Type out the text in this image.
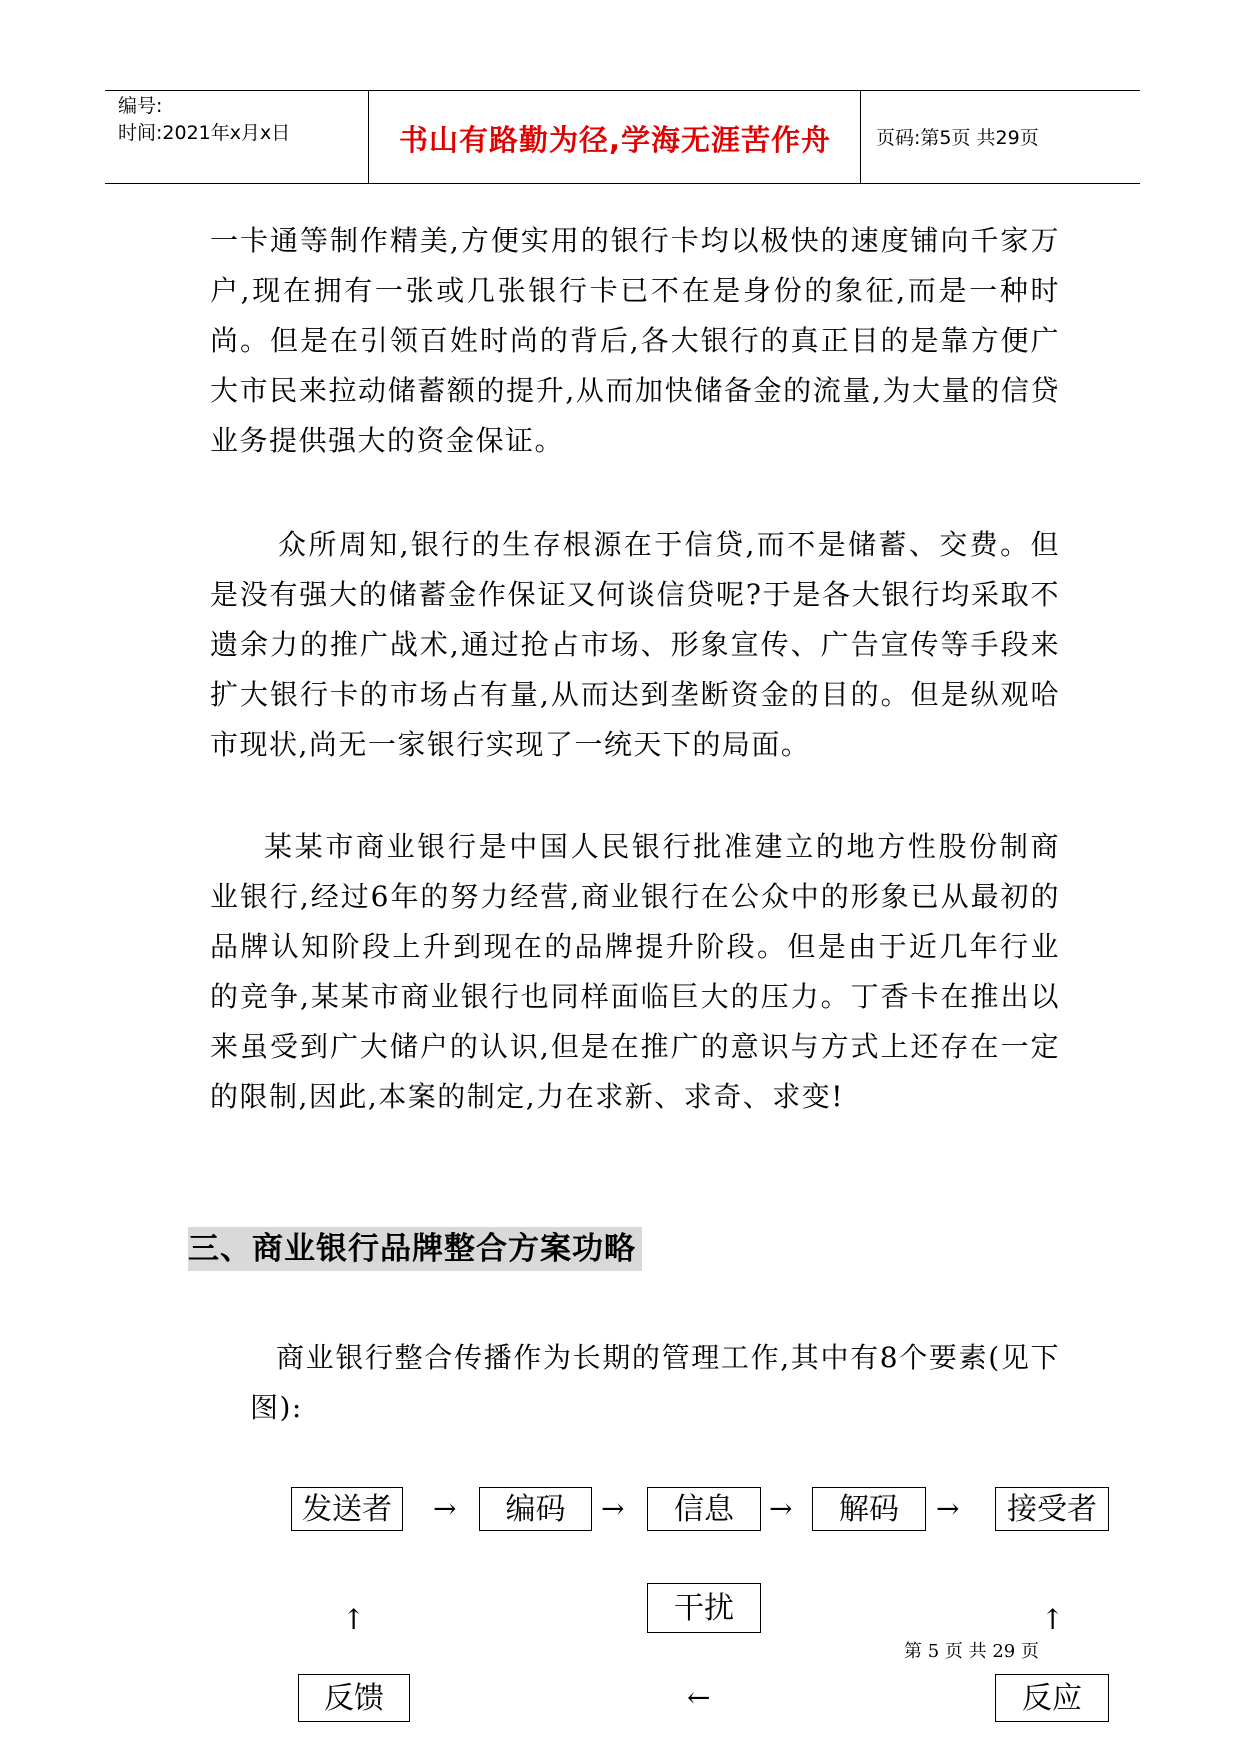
编号:
时间:2021年x月x日	书山有路勤为径,学海无涯苦作舟	页码:第5页 共29页

一卡通等制作精美,方便实用的银行卡均以极快的速度铺向千家万户,现在拥有一张或几张银行卡已不在是身份的象征,而是一种时尚。但是在引领百姓时尚的背后,各大银行的真正目的是靠方便广大市民来拉动储蓄额的提升,从而加快储备金的流量,为大量的信贷业务提供强大的资金保证。

众所周知,银行的生存根源在于信贷,而不是储蓄、交费。但是没有强大的储蓄金作保证又何谈信贷呢?于是各大银行均采取不遗余力的推广战术,通过抢占市场、形象宣传、广告宣传等手段来扩大银行卡的市场占有量,从而达到垄断资金的目的。但是纵观哈市现状,尚无一家银行实现了一统天下的局面。

某某市商业银行是中国人民银行批准建立的地方性股份制商业银行,经过6年的努力经营,商业银行在公众中的形象已从最初的品牌认知阶段上升到现在的品牌提升阶段。但是由于近几年行业的竞争,某某市商业银行也同样面临巨大的压力。丁香卡在推出以来虽受到广大储户的认识,但是在推广的意识与方式上还存在一定的限制,因此,本案的制定,力在求新、求奇、求变!

三、商业银行品牌整合方案功略

商业银行整合传播作为长期的管理工作,其中有8个要素(见下图):

发送者	→	编码	→	信息	→	解码	→	接受者
干扰
↑	↑
第 5 页 共 29 页
反馈	←	反应
